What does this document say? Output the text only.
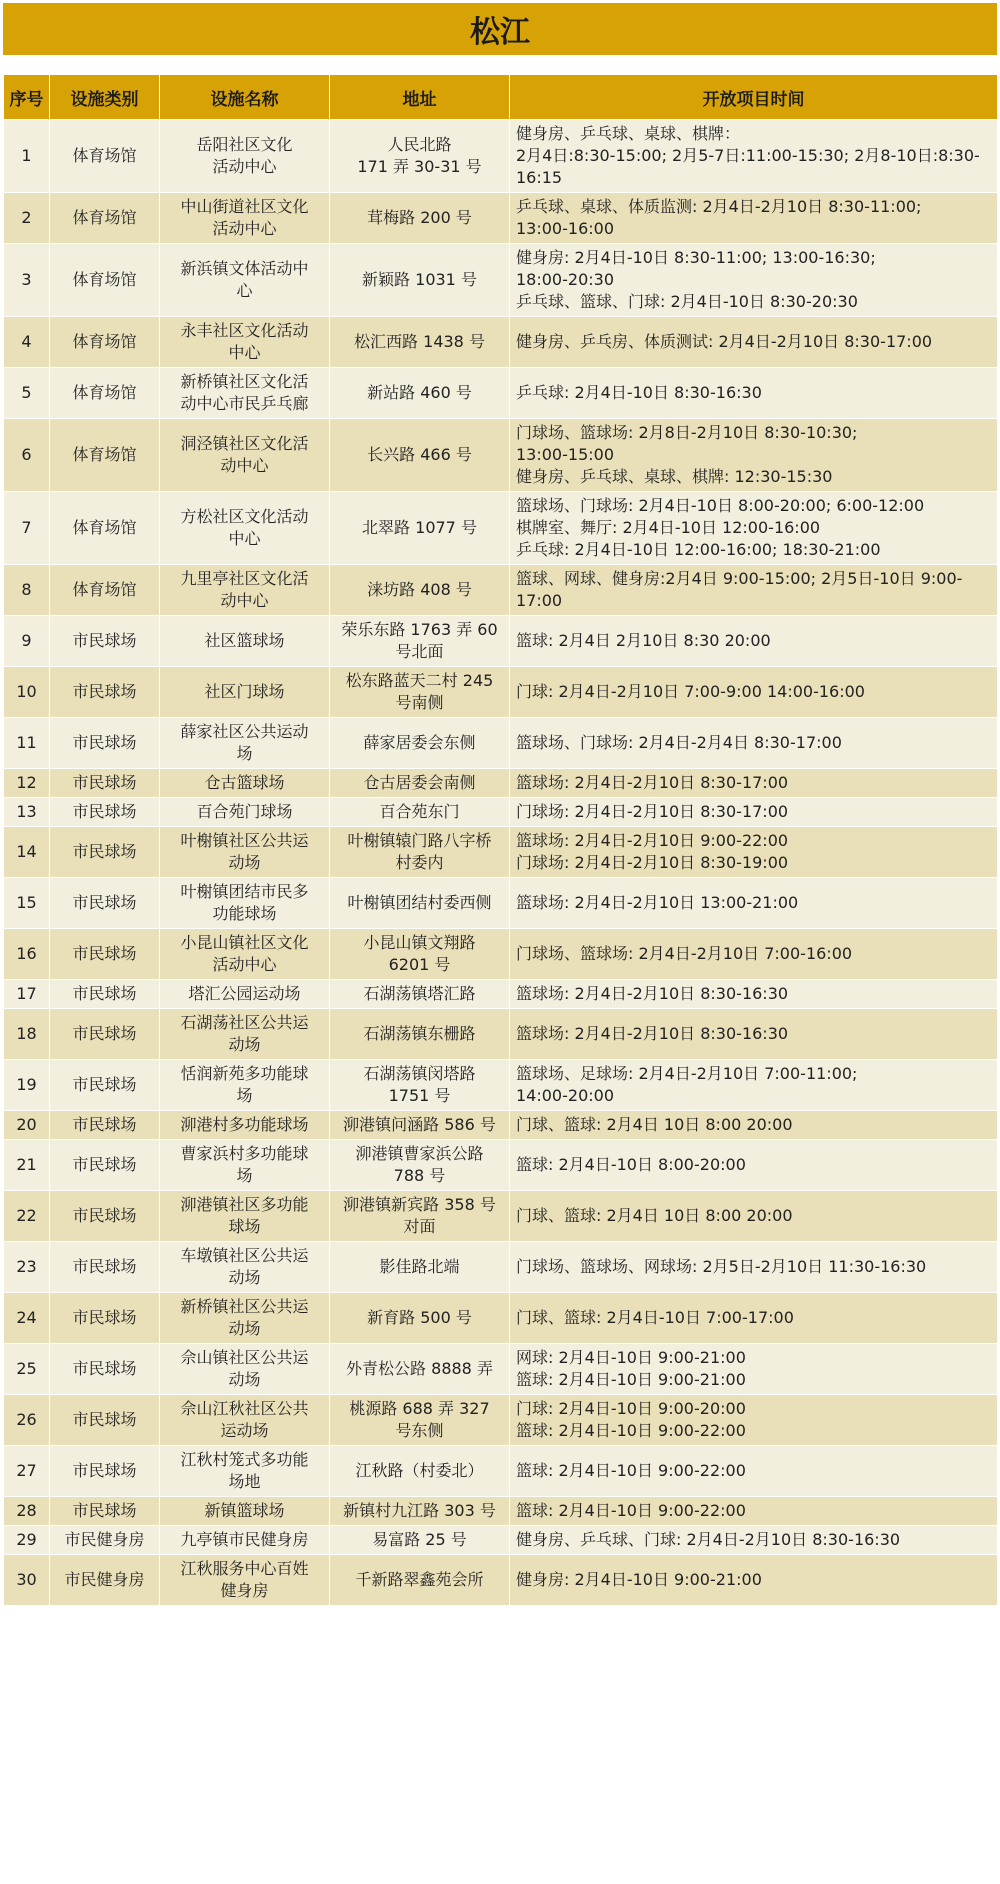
松江
序号	设施类别	设施名称	地址	开放项目时间
1	体育场馆	岳阳社区文化
活动中心	人民北路
171 弄 30-31 号	健身房、乒乓球、桌球、棋牌：
2月4日:8:30-15:00; 2月5-7日:11:00-15:30; 2月8-10日:8:30-16:15
2	体育场馆	中山街道社区文化
活动中心	茸梅路 200 号	乒乓球、桌球、体质监测: 2月4日-2月10日 8:30-11:00;
13:00-16:00
3	体育场馆	新浜镇文体活动中
心	新颖路 1031 号	健身房: 2月4日-10日 8:30-11:00; 13:00-16:30;
18:00-20:30
乒乓球、篮球、门球: 2月4日-10日 8:30-20:30
4	体育场馆	永丰社区文化活动
中心	松汇西路 1438 号	健身房、乒乓房、体质测试: 2月4日-2月10日 8:30-17:00
5	体育场馆	新桥镇社区文化活
动中心市民乒乓廊	新站路 460 号	乒乓球: 2月4日-10日 8:30-16:30
6	体育场馆	洞泾镇社区文化活
动中心	长兴路 466 号	门球场、篮球场: 2月8日-2月10日 8:30-10:30;
13:00-15:00
健身房、乒乓球、桌球、棋牌: 12:30-15:30
7	体育场馆	方松社区文化活动
中心	北翠路 1077 号	篮球场、门球场: 2月4日-10日 8:00-20:00; 6:00-12:00
棋牌室、舞厅: 2月4日-10日 12:00-16:00
乒乓球: 2月4日-10日 12:00-16:00; 18:30-21:00
8	体育场馆	九里亭社区文化活
动中心	涞坊路 408 号	篮球、网球、健身房:2月4日 9:00-15:00; 2月5日-10日 9:00-17:00
9	市民球场	社区篮球场	荣乐东路 1763 弄 60
号北面	篮球: 2月4日 2月10日 8:30 20:00
10	市民球场	社区门球场	松东路蓝天二村 245
号南侧	门球: 2月4日-2月10日 7:00-9:00 14:00-16:00
11	市民球场	薛家社区公共运动
场	薛家居委会东侧	篮球场、门球场: 2月4日-2月4日 8:30-17:00
12	市民球场	仓古篮球场	仓古居委会南侧	篮球场: 2月4日-2月10日 8:30-17:00
13	市民球场	百合苑门球场	百合苑东门	门球场: 2月4日-2月10日 8:30-17:00
14	市民球场	叶榭镇社区公共运
动场	叶榭镇辕门路八字桥
村委内	篮球场: 2月4日-2月10日 9:00-22:00
门球场: 2月4日-2月10日 8:30-19:00
15	市民球场	叶榭镇团结市民多
功能球场	叶榭镇团结村委西侧	篮球场: 2月4日-2月10日 13:00-21:00
16	市民球场	小昆山镇社区文化
活动中心	小昆山镇文翔路
6201 号	门球场、篮球场: 2月4日-2月10日 7:00-16:00
17	市民球场	塔汇公园运动场	石湖荡镇塔汇路	篮球场: 2月4日-2月10日 8:30-16:30
18	市民球场	石湖荡社区公共运
动场	石湖荡镇东栅路	篮球场: 2月4日-2月10日 8:30-16:30
19	市民球场	恬润新苑多功能球
场	石湖荡镇闵塔路
1751 号	篮球场、足球场: 2月4日-2月10日 7:00-11:00;
14:00-20:00
20	市民球场	泖港村多功能球场	泖港镇问涵路 586 号	门球、篮球: 2月4日 10日 8:00 20:00
21	市民球场	曹家浜村多功能球
场	泖港镇曹家浜公路
788 号	篮球: 2月4日-10日 8:00-20:00
22	市民球场	泖港镇社区多功能
球场	泖港镇新宾路 358 号
对面	门球、篮球: 2月4日 10日 8:00 20:00
23	市民球场	车墩镇社区公共运
动场	影佳路北端	门球场、篮球场、网球场: 2月5日-2月10日 11:30-16:30
24	市民球场	新桥镇社区公共运
动场	新育路 500 号	门球、篮球: 2月4日-10日 7:00-17:00
25	市民球场	佘山镇社区公共运
动场	外青松公路 8888 弄	网球: 2月4日-10日 9:00-21:00
篮球: 2月4日-10日 9:00-21:00
26	市民球场	佘山江秋社区公共
运动场	桃源路 688 弄 327
号东侧	门球: 2月4日-10日 9:00-20:00
篮球: 2月4日-10日 9:00-22:00
27	市民球场	江秋村笼式多功能
场地	江秋路（村委北）	篮球: 2月4日-10日 9:00-22:00
28	市民球场	新镇篮球场	新镇村九江路 303 号	篮球: 2月4日-10日 9:00-22:00
29	市民健身房	九亭镇市民健身房	易富路 25 号	健身房、乒乓球、门球: 2月4日-2月10日 8:30-16:30
30	市民健身房	江秋服务中心百姓
健身房	千新路翠鑫苑会所	健身房: 2月4日-10日 9:00-21:00
